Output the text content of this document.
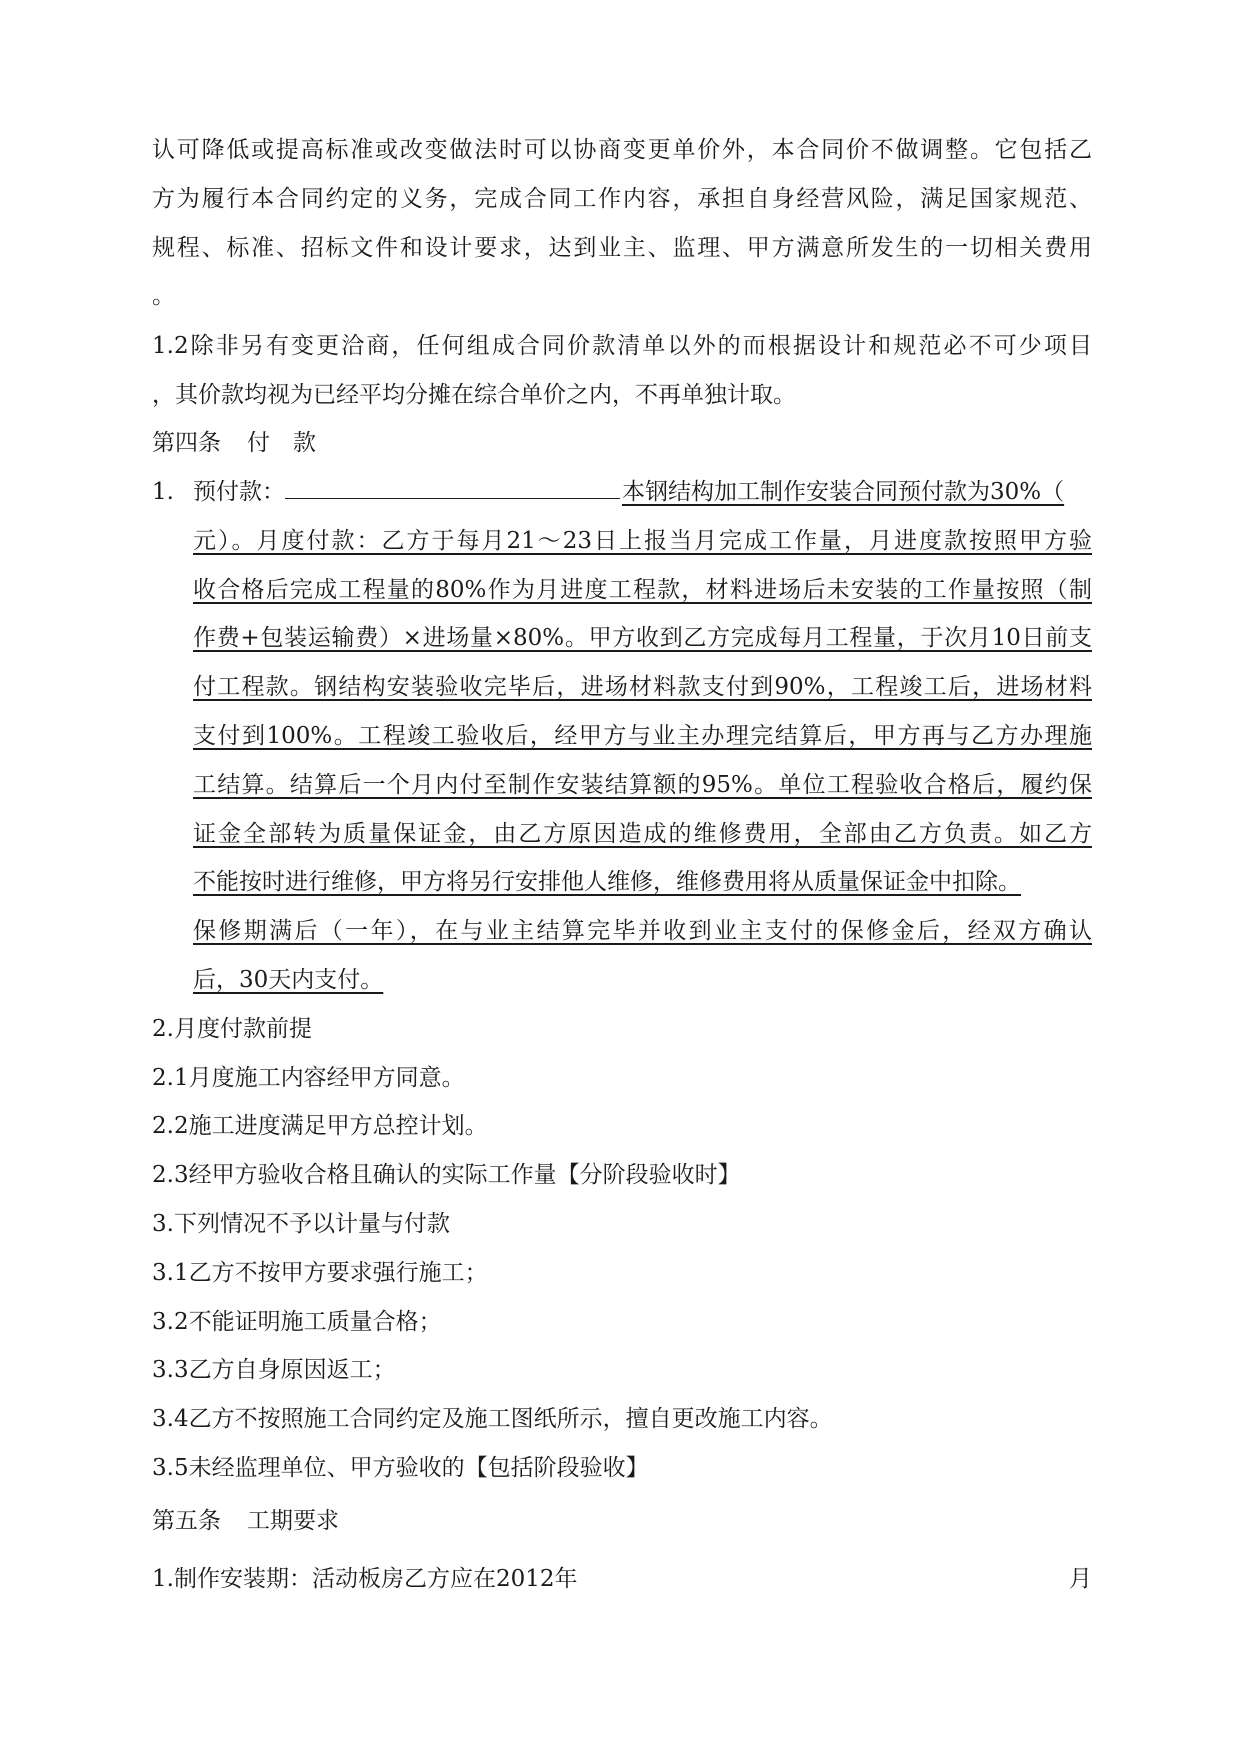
认可降低或提高标准或改变做法时可以协商变更单价外，本合同价不做调整。它包括乙
方为履行本合同约定的义务，完成合同工作内容，承担自身经营风险，满足国家规范、
规程、标准、招标文件和设计要求，达到业主、监理、甲方满意所发生的一切相关费用
。
1.2除非另有变更洽商，任何组成合同价款清单以外的而根据设计和规范必不可少项目
，其价款均视为已经平均分摊在综合单价之内，不再单独计取。
第四条 付　款
1. 预付款：	本钢结构加工制作安装合同预付款为30%（
元）。月度付款：乙方于每月21～23日上报当月完成工作量，月进度款按照甲方验
收合格后完成工程量的80%作为月进度工程款，材料进场后未安装的工作量按照（制
作费+包装运输费）×进场量×80%。甲方收到乙方完成每月工程量，于次月10日前支
付工程款。钢结构安装验收完毕后，进场材料款支付到90%，工程竣工后，进场材料
支付到100%。工程竣工验收后，经甲方与业主办理完结算后，甲方再与乙方办理施
工结算。结算后一个月内付至制作安装结算额的95%。单位工程验收合格后，履约保
证金全部转为质量保证金，由乙方原因造成的维修费用，全部由乙方负责。如乙方
不能按时进行维修，甲方将另行安排他人维修，维修费用将从质量保证金中扣除。
保修期满后（一年），在与业主结算完毕并收到业主支付的保修金后，经双方确认
后，30天内支付。
2.月度付款前提
2.1月度施工内容经甲方同意。
2.2施工进度满足甲方总控计划。
2.3经甲方验收合格且确认的实际工作量【分阶段验收时】
3.下列情况不予以计量与付款
3.1乙方不按甲方要求强行施工；
3.2不能证明施工质量合格；
3.3乙方自身原因返工；
3.4乙方不按照施工合同约定及施工图纸所示，擅自更改施工内容。
3.5未经监理单位、甲方验收的【包括阶段验收】
第五条 工期要求
1.制作安装期：活动板房乙方应在2012年	月
